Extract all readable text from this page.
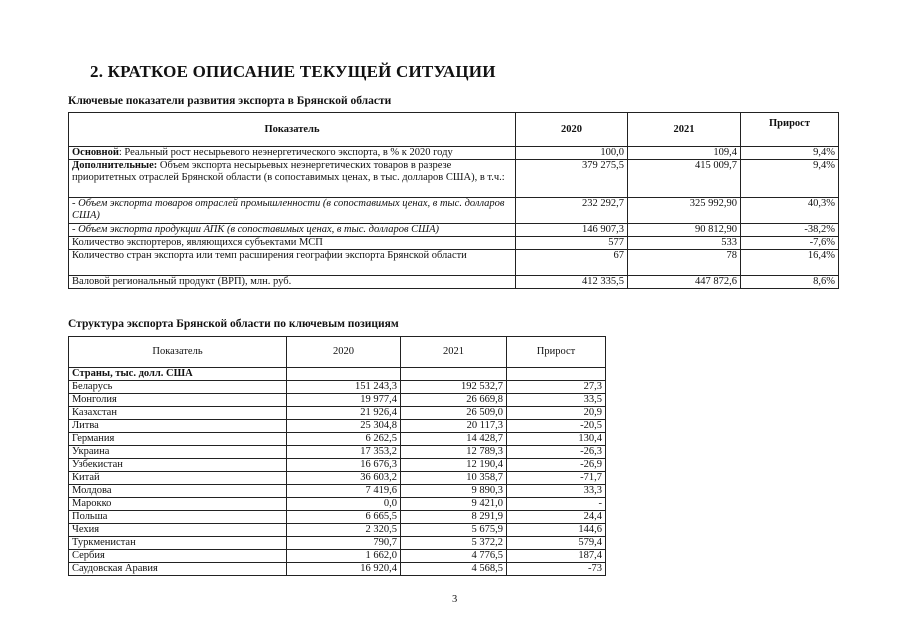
2. КРАТКОЕ ОПИСАНИЕ ТЕКУЩЕЙ СИТУАЦИИ
Ключевые показатели развития экспорта в Брянской области
Показатель	2020	2021	Прирост
Основной: Реальный рост несырьевого неэнергетического экспорта, в % к 2020 году	100,0	109,4	9,4%
Дополнительные: Объем экспорта несырьевых неэнергетических товаров в разрезе приоритетных отраслей Брянской области (в сопоставимых ценах, в тыс. долларов США), в т.ч.:	379 275,5	415 009,7	9,4%
- Объем экспорта товаров отраслей промышленности (в сопоставимых ценах, в тыс. долларов США)	232 292,7	325 992,90	40,3%
- Объем экспорта продукции АПК (в сопоставимых ценах, в тыс. долларов США)	146 907,3	90 812,90	-38,2%
Количество экспортеров, являющихся субъектами МСП	577	533	-7,6%
Количество стран экспорта или темп расширения географии экспорта Брянской области	67	78	16,4%
Валовой региональный продукт (ВРП), млн. руб.	412 335,5	447 872,6	8,6%
Структура экспорта Брянской области по ключевым позициям
Показатель	2020	2021	Прирост
Страны, тыс. долл. США			
Беларусь	151 243,3	192 532,7	27,3
Монголия	19 977,4	26 669,8	33,5
Казахстан	21 926,4	26 509,0	20,9
Литва	25 304,8	20 117,3	-20,5
Германия	6 262,5	14 428,7	130,4
Украина	17 353,2	12 789,3	-26,3
Узбекистан	16 676,3	12 190,4	-26,9
Китай	36 603,2	10 358,7	-71,7
Молдова	7 419,6	9 890,3	33,3
Марокко	0,0	9 421,0	-
Польша	6 665,5	8 291,9	24,4
Чехия	2 320,5	5 675,9	144,6
Туркменистан	790,7	5 372,2	579,4
Сербия	1 662,0	4 776,5	187,4
Саудовская Аравия	16 920,4	4 568,5	-73
3
